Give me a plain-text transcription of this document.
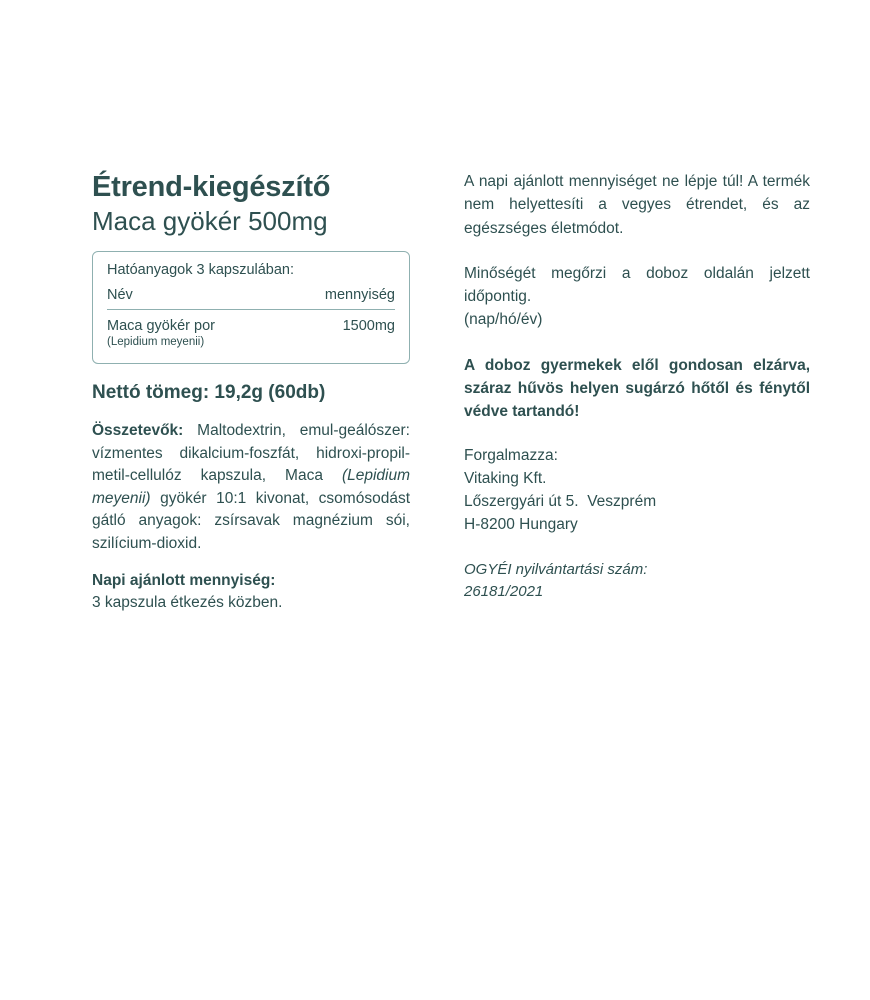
Étrend-kiegészítő
Maca gyökér 500mg
Hatóanyagok 3 kapszulában:
Név	mennyiség
Maca gyökér por
(Lepidium meyenii)	1500mg
Nettó tömeg: 19,2g (60db)

Összetevők: Maltodextrin, emul-geálószer: vízmentes dikalcium-foszfát, hidroxi-propil-metil-cellulóz kapszula, Maca (Lepidium meyenii) gyökér 10:1 kivonat, csomósodást gátló anyagok: zsírsavak magnézium sói, szilícium-dioxid.

Napi ajánlott mennyiség:

3 kapszula étkezés közben.

A napi ajánlott mennyiséget ne lépje túl! A termék nem helyettesíti a vegyes étrendet, és az egészséges életmódot.

Minőségét megőrzi a doboz oldalán jelzett időpontig.
(nap/hó/év)

A doboz gyermekek elől gondosan elzárva, száraz hűvös helyen sugárzó hőtől és fénytől védve tartandó!

Forgalmazza:
Vitaking Kft.
Lőszergyári út 5.  Veszprém
H-8200 Hungary

OGYÉI nyilvántartási szám:
26181/2021
